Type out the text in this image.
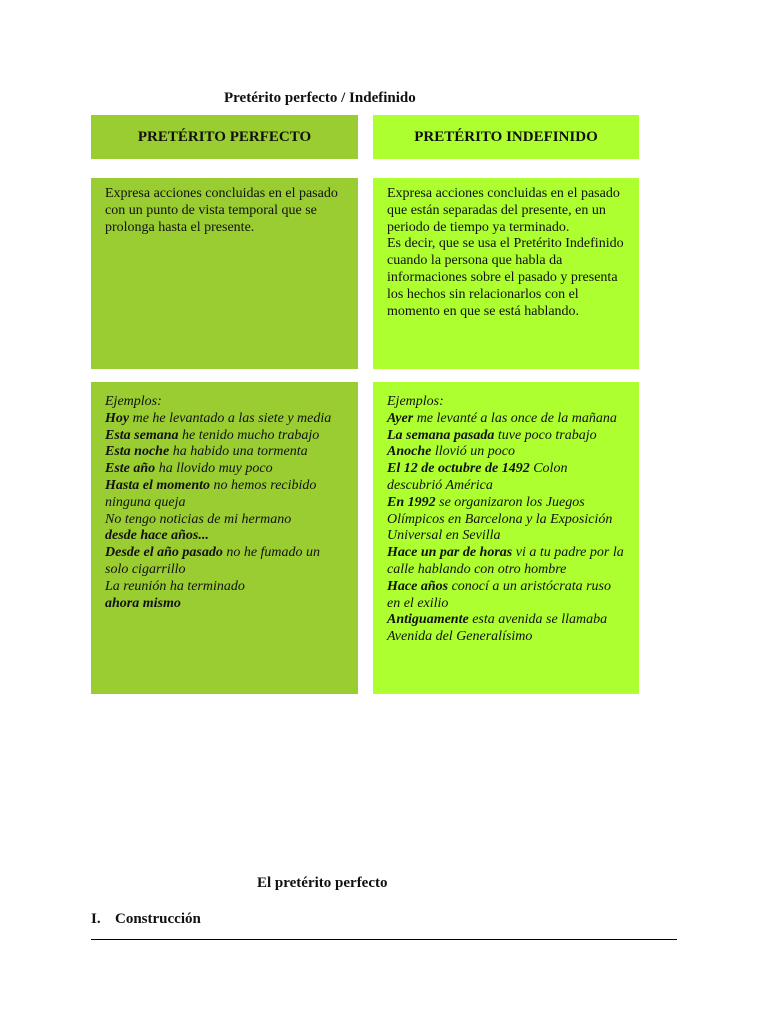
Pretérito perfecto / Indefinido
PRETÉRITO PERFECTO	PRETÉRITO INDEFINIDO
Expresa acciones concluidas en el pasado con un punto de vista temporal que se prolonga hasta el presente.
Expresa acciones concluidas en el pasado que están separadas del presente, en un periodo de tiempo ya terminado.
Es decir, que se usa el Pretérito Indefinido cuando la persona que habla da informaciones sobre el pasado y presenta los hechos sin relacionarlos con el momento en que se está hablando.
Ejemplos:
Hoy me he levantado a las siete y media
Esta semana he tenido mucho trabajo
Esta noche ha habido una tormenta
Este año ha llovido muy poco
Hasta el momento no hemos recibido ninguna queja
No tengo noticias de mi hermano
desde hace años...
Desde el año pasado no he fumado un solo cigarrillo
La reunión ha terminado
ahora mismo
Ejemplos:
Ayer me levanté a las once de la mañana
La semana pasada tuve poco trabajo
Anoche llovió un poco
El 12 de octubre de 1492 Colon descubrió América
En 1992 se organizaron los Juegos Olímpicos en Barcelona y la Exposición Universal en Sevilla
Hace un par de horas vi a tu padre por la calle hablando con otro hombre
Hace años conocí a un aristócrata ruso en el exilio
Antiguamente esta avenida se llamaba Avenida del Generalísimo
El pretérito perfecto
I. Construcción
